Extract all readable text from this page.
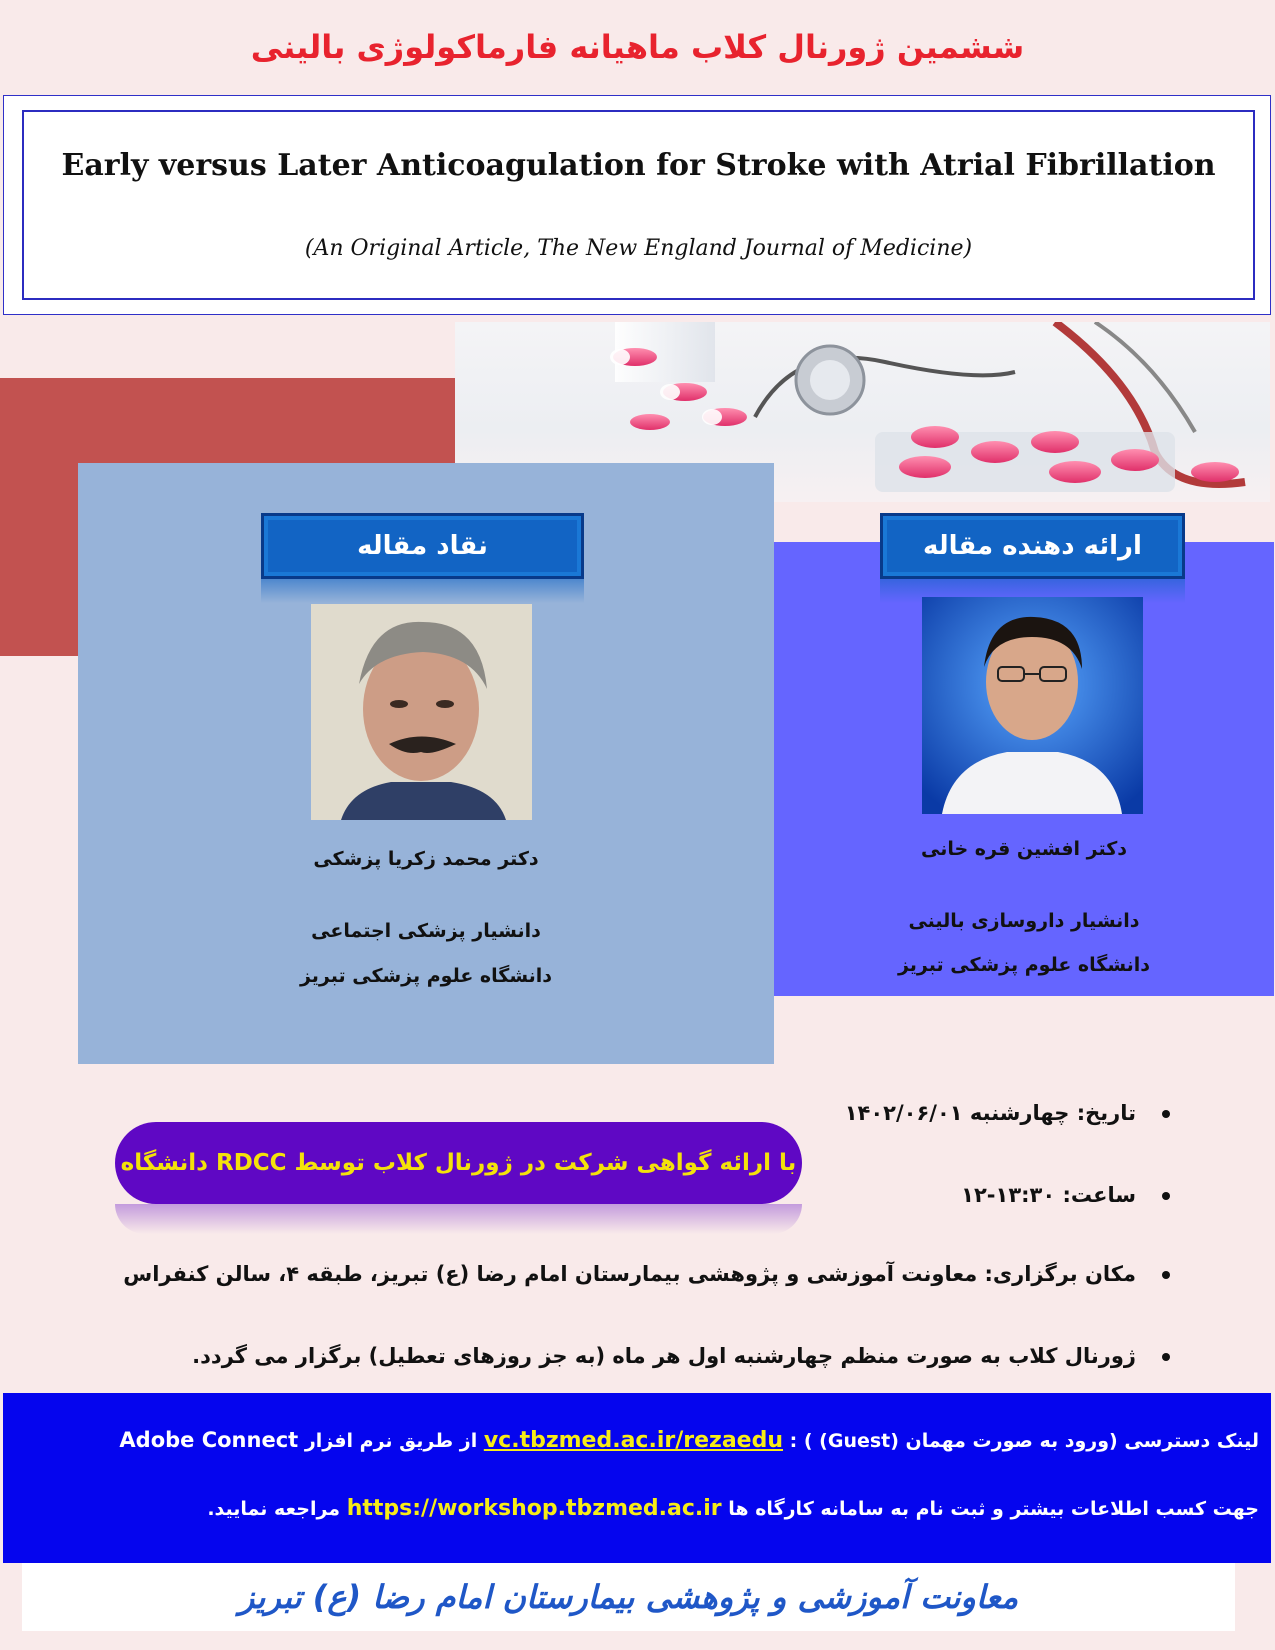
ششمین ژورنال کلاب ماهیانه فارماکولوژی بالینی
Early versus Later Anticoagulation for Stroke with Atrial Fibrillation
(An Original Article, The New England Journal of Medicine)
نقاد مقاله
دکتر محمد زکریا پزشکی
دانشیار پزشکی اجتماعی
دانشگاه علوم پزشکی تبریز
ارائه دهنده مقاله
دکتر افشین قره خانی
دانشیار داروسازی بالینی
دانشگاه علوم پزشکی تبریز
تاریخ: چهارشنبه ۱۴۰۲/۰۶/۰۱
ساعت: ۱۳:۳۰-۱۲
مکان برگزاری: معاونت آموزشی و پژوهشی بیمارستان امام رضا (ع) تبریز، طبقه ۴، سالن کنفراس
ژورنال کلاب به صورت منظم چهارشنبه اول هر ماه (به جز روزهای تعطیل) برگزار می گردد.
با ارائه گواهی شرکت در ژورنال کلاب توسط RDCC دانشگاه
لینک دسترسی (ورود به صورت مهمان (Guest) ) : vc.tbzmed.ac.ir/rezaedu از طریق نرم افزار Adobe Connect
جهت کسب اطلاعات بیشتر و ثبت نام به سامانه کارگاه ها https://workshop.tbzmed.ac.ir مراجعه نمایید.
معاونت آموزشی و پژوهشی بیمارستان امام رضا (ع) تبریز
